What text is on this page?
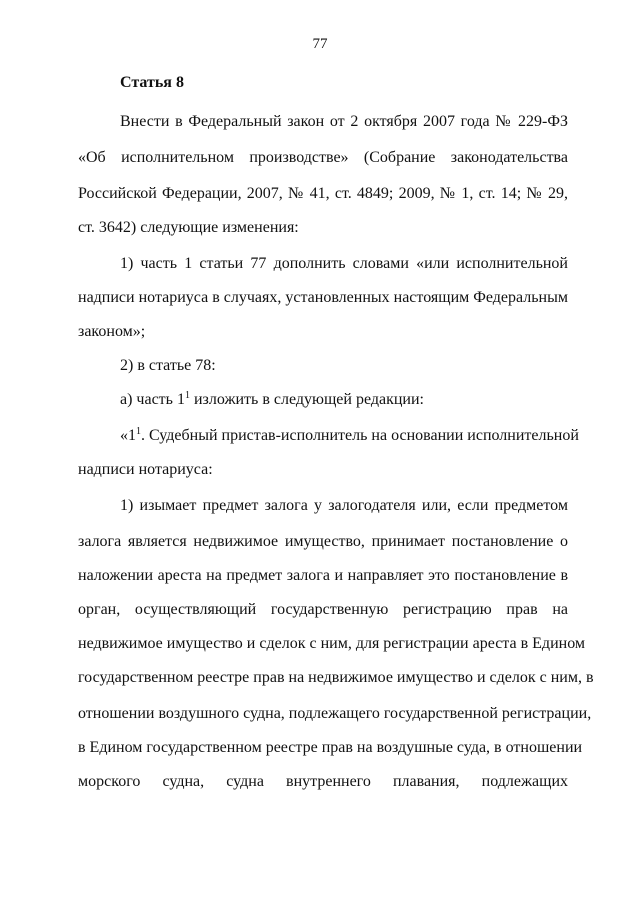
77
Статья 8
Внести в Федеральный закон от 2 октября 2007 года № 229-ФЗ
«Об исполнительном производстве» (Собрание законодательства
Российской Федерации, 2007, № 41, ст. 4849; 2009, № 1, ст. 14; № 29,
ст. 3642) следующие изменения:
1) часть 1 статьи 77 дополнить словами «или исполнительной
надписи нотариуса в случаях, установленных настоящим Федеральным
законом»;
2) в статье 78:
а) часть $1^1$ изложить в следующей редакции:
«$1^1$. Судебный пристав-исполнитель на основании исполнительной
надписи нотариуса:
1) изымает предмет залога у залогодателя или, если предметом
залога является недвижимое имущество, принимает постановление о
наложении ареста на предмет залога и направляет это постановление в
орган, осуществляющий государственную регистрацию прав на
недвижимое имущество и сделок с ним, для регистрации ареста в Едином
государственном реестре прав на недвижимое имущество и сделок с ним, в
отношении воздушного судна, подлежащего государственной регистрации,
в Едином государственном реестре прав на воздушные суда, в отношении
морского судна, судна внутреннего плавания, подлежащих
